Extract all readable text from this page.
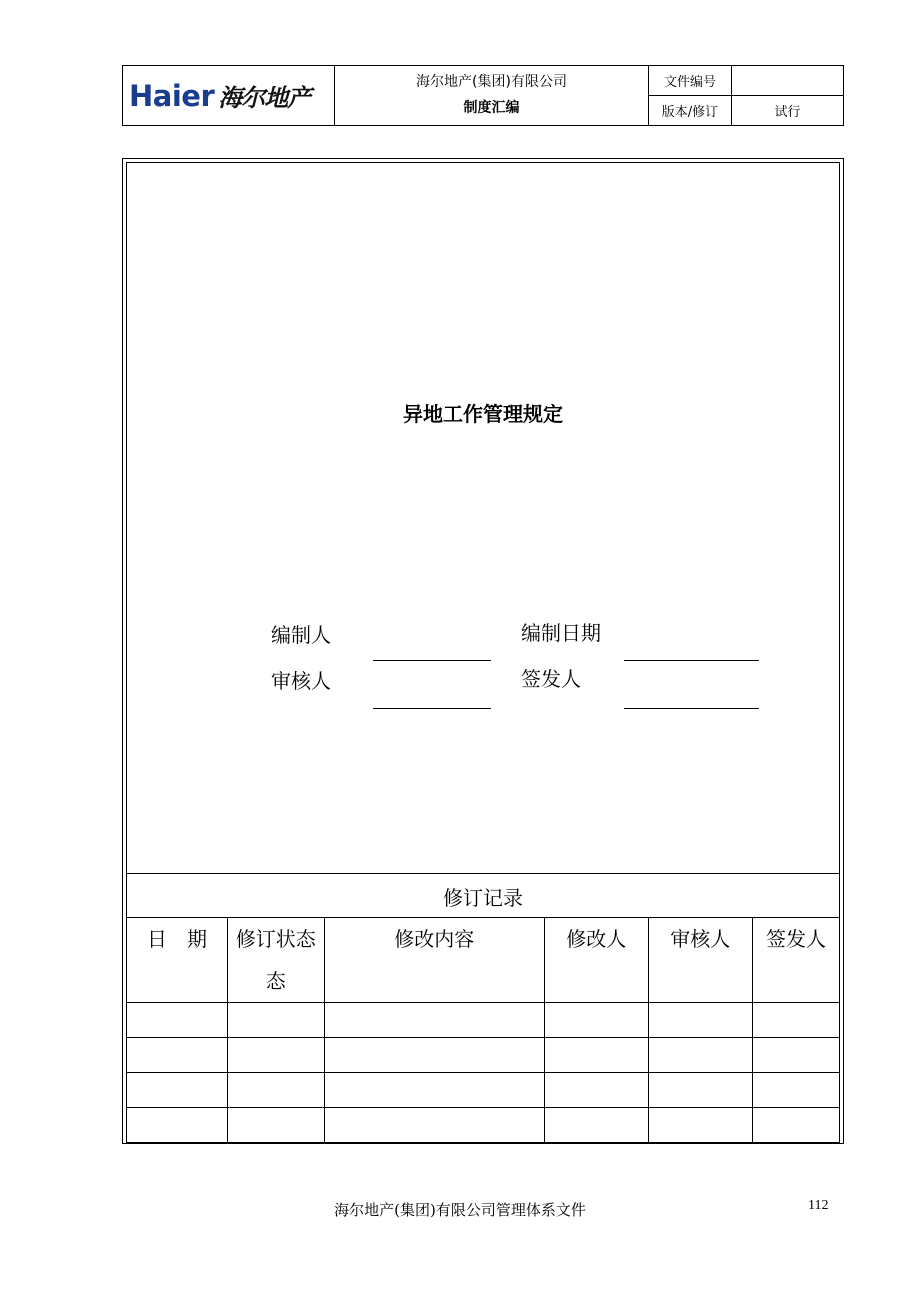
Haier 海尔地产
海尔地产(集团)有限公司
制度汇编
文件编号
版本/修订	试行
异地工作管理规定
编制人	编制日期
审核人	签发人
修订记录
日　期	修订状态态	修改内容	修改人	审核人	签发人

海尔地产(集团)有限公司管理体系文件	112
